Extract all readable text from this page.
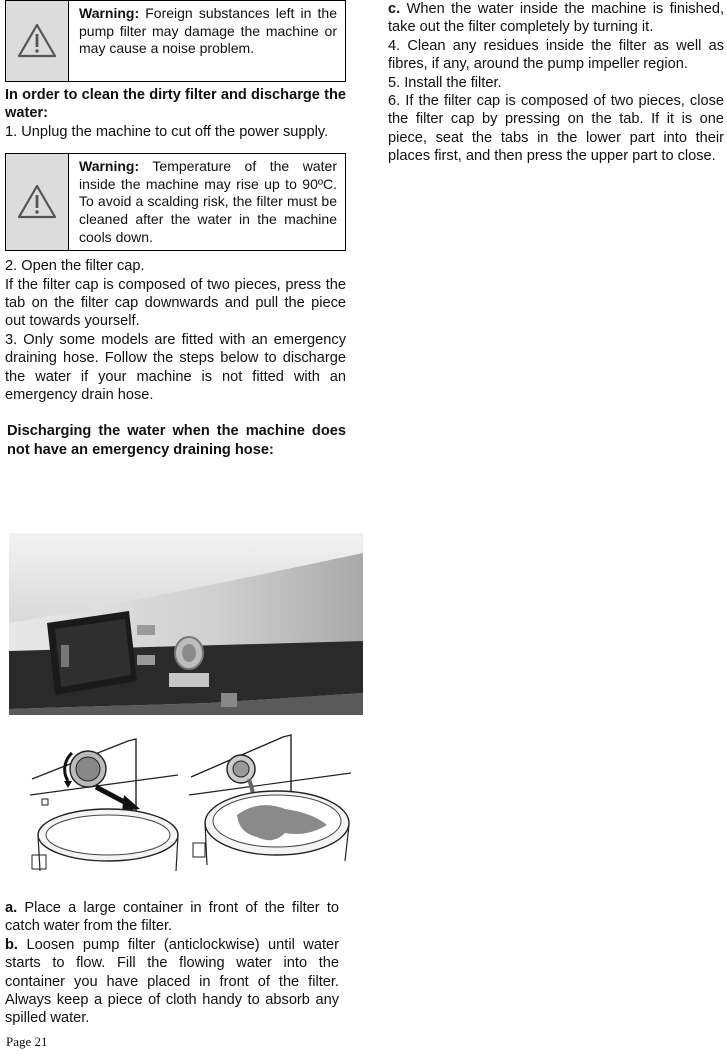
Warning: Foreign substances left in the pump filter may damage the machine or may cause a noise problem.

In order to clean the dirty filter and discharge the water:

1. Unplug the machine to cut off the power supply.

Warning: Temperature of the water inside the machine may rise up to 90ºC. To avoid a scalding risk, the filter must be cleaned after the water in the machine cools down.

2. Open the filter cap.

If the filter cap is composed of two pieces, press the tab on the filter cap downwards and pull the piece out towards yourself.

3. Only some models are fitted with an emergency draining hose. Follow the steps below to discharge the water if your machine is not fitted with an emergency drain hose.

Discharging the water when the machine does not have an emergency draining hose:

a. Place a large container in front of the filter to catch water from the filter.

b. Loosen pump filter (anticlockwise) until water starts to flow. Fill the flowing water into the container you have placed in front of the filter. Always keep a piece of cloth handy to absorb any spilled water.

Page 21

c. When the water inside the machine is finished, take out the filter completely by turning it.

4. Clean any residues inside the filter as well as fibres, if any, around the pump impeller region.

5. Install the filter.

6. If the filter cap is composed of two pieces, close the filter cap by pressing on the tab. If it is one piece, seat the tabs in the lower part into their places first, and then press the upper part to close.
